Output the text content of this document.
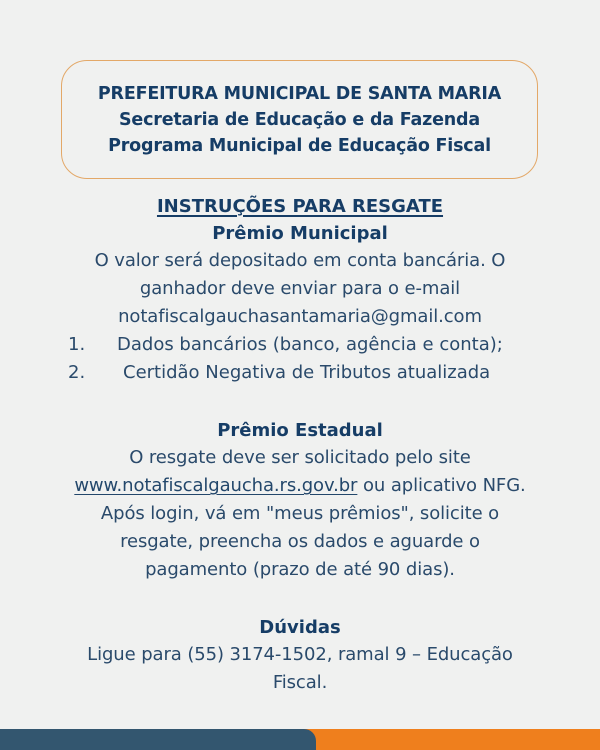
PREFEITURA MUNICIPAL DE SANTA MARIA
Secretaria de Educação e da Fazenda
Programa Municipal de Educação Fiscal
INSTRUÇÕES PARA RESGATE
Prêmio Municipal
O valor será depositado em conta bancária. O
ganhador deve enviar para o e-mail
notafiscalgauchasantamaria@gmail.com
1. Dados bancários (banco, agência e conta);
2. Certidão Negativa de Tributos atualizada
Prêmio Estadual
O resgate deve ser solicitado pelo site
www.notafiscalgaucha.rs.gov.br ou aplicativo NFG.
Após login, vá em "meus prêmios", solicite o
resgate, preencha os dados e aguarde o
pagamento (prazo de até 90 dias).
Dúvidas
Ligue para (55) 3174-1502, ramal 9 – Educação
Fiscal.
